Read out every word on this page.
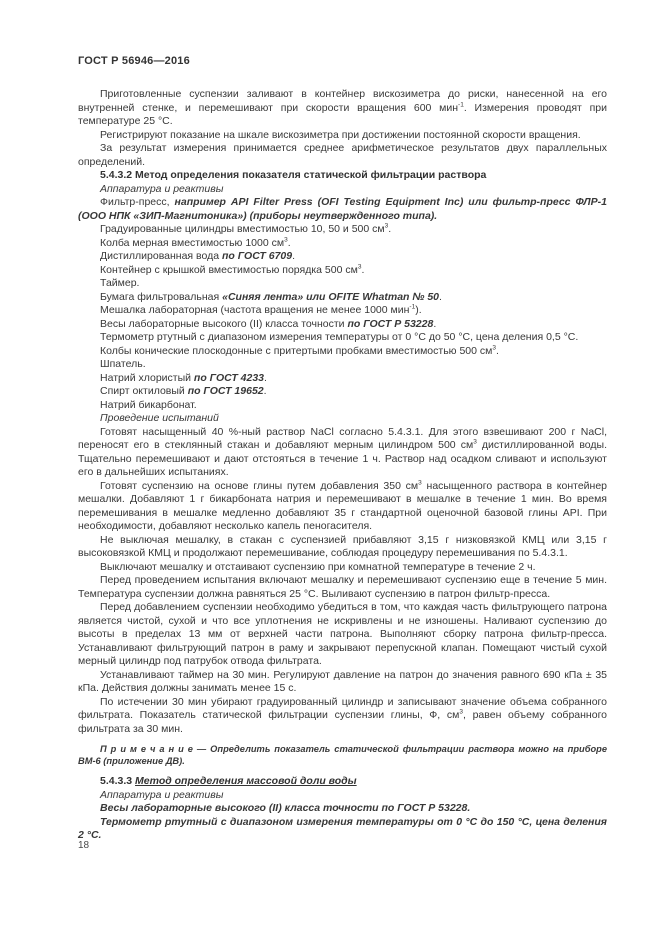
ГОСТ Р 56946—2016

Приготовленные суспензии заливают в контейнер вискозиметра до риски, нанесенной на его внутренней стенке, и перемешивают при скорости вращения 600 мин$^{-1}$. Измерения проводят при температуре 25 °С.

Регистрируют показание на шкале вискозиметра при достижении постоянной скорости вращения.

За результат измерения принимается среднее арифметическое результатов двух параллельных определений.

5.4.3.2 Метод определения показателя статической фильтрации раствора

Аппаратура и реактивы

Фильтр-пресс, например API Filter Press (OFI Testing Equipment Inc) или фильтр-пресс ФЛР-1 (ООО НПК «ЗИП-Магнитоника») (приборы неутвержденного типа).

Градуированные цилиндры вместимостью 10, 50 и 500 $см^3$.

Колба мерная вместимостью 1000 $см^3$.

Дистиллированная вода по ГОСТ 6709.

Контейнер с крышкой вместимостью порядка 500 $см^3$.

Таймер.

Бумага фильтровальная «Синяя лента» или OFITE Whatman № 50.

Мешалка лабораторная (частота вращения не менее 1000 мин$^{-1}$).

Весы лабораторные высокого (II) класса точности по ГОСТ Р 53228.

Термометр ртутный с диапазоном измерения температуры от 0 °С до 50 °С, цена деления 0,5 °С.

Колбы конические плоскодонные с притертыми пробками вместимостью 500 $см^3$.

Шпатель.

Натрий хлористый по ГОСТ 4233.

Спирт октиловый по ГОСТ 19652.

Натрий бикарбонат.

Проведение испытаний

Готовят насыщенный 40 %-ный раствор NaCl согласно 5.4.3.1. Для этого взвешивают 200 г NaCl, переносят его в стеклянный стакан и добавляют мерным цилиндром 500 $см^3$ дистиллированной воды. Тщательно перемешивают и дают отстояться в течение 1 ч. Раствор над осадком сливают и используют его в дальнейших испытаниях.

Готовят суспензию на основе глины путем добавления 350 $см^3$ насыщенного раствора в контейнер мешалки. Добавляют 1 г бикарбоната натрия и перемешивают в мешалке в течение 1 мин. Во время перемешивания в мешалке медленно добавляют 35 г стандартной оценочной базовой глины API. При необходимости, добавляют несколько капель пеногасителя.

Не выключая мешалку, в стакан с суспензией прибавляют 3,15 г низковязкой КМЦ или 3,15 г высоковязкой КМЦ и продолжают перемешивание, соблюдая процедуру перемешивания по 5.4.3.1.

Выключают мешалку и отстаивают суспензию при комнатной температуре в течение 2 ч.

Перед проведением испытания включают мешалку и перемешивают суспензию еще в течение 5 мин. Температура суспензии должна равняться 25 °С. Выливают суспензию в патрон фильтр-пресса.

Перед добавлением суспензии необходимо убедиться в том, что каждая часть фильтрующего патрона является чистой, сухой и что все уплотнения не искривлены и не изношены. Наливают суспензию до высоты в пределах 13 мм от верхней части патрона. Выполняют сборку патрона фильтр-пресса. Устанавливают фильтрующий патрон в раму и закрывают перепускной клапан. Помещают чистый сухой мерный цилиндр под патрубок отвода фильтрата.

Устанавливают таймер на 30 мин. Регулируют давление на патрон до значения равного 690 кПа ± 35 кПа. Действия должны занимать менее 15 с.

По истечении 30 мин убирают градуированный цилиндр и записывают значение объема собранного фильтрата. Показатель статической фильтрации суспензии глины, Ф, $см^3$, равен объему собранного фильтрата за 30 мин.

П р и м е ч а н и е — Определить показатель статической фильтрации раствора можно на приборе ВМ-6 (приложение ДВ).

5.4.3.3 Метод определения массовой доли воды

Аппаратура и реактивы

Весы лабораторные высокого (II) класса точности по ГОСТ Р 53228.

Термометр ртутный с диапазоном измерения температуры от 0 °С до 150 °С, цена деления 2 °С.

18
